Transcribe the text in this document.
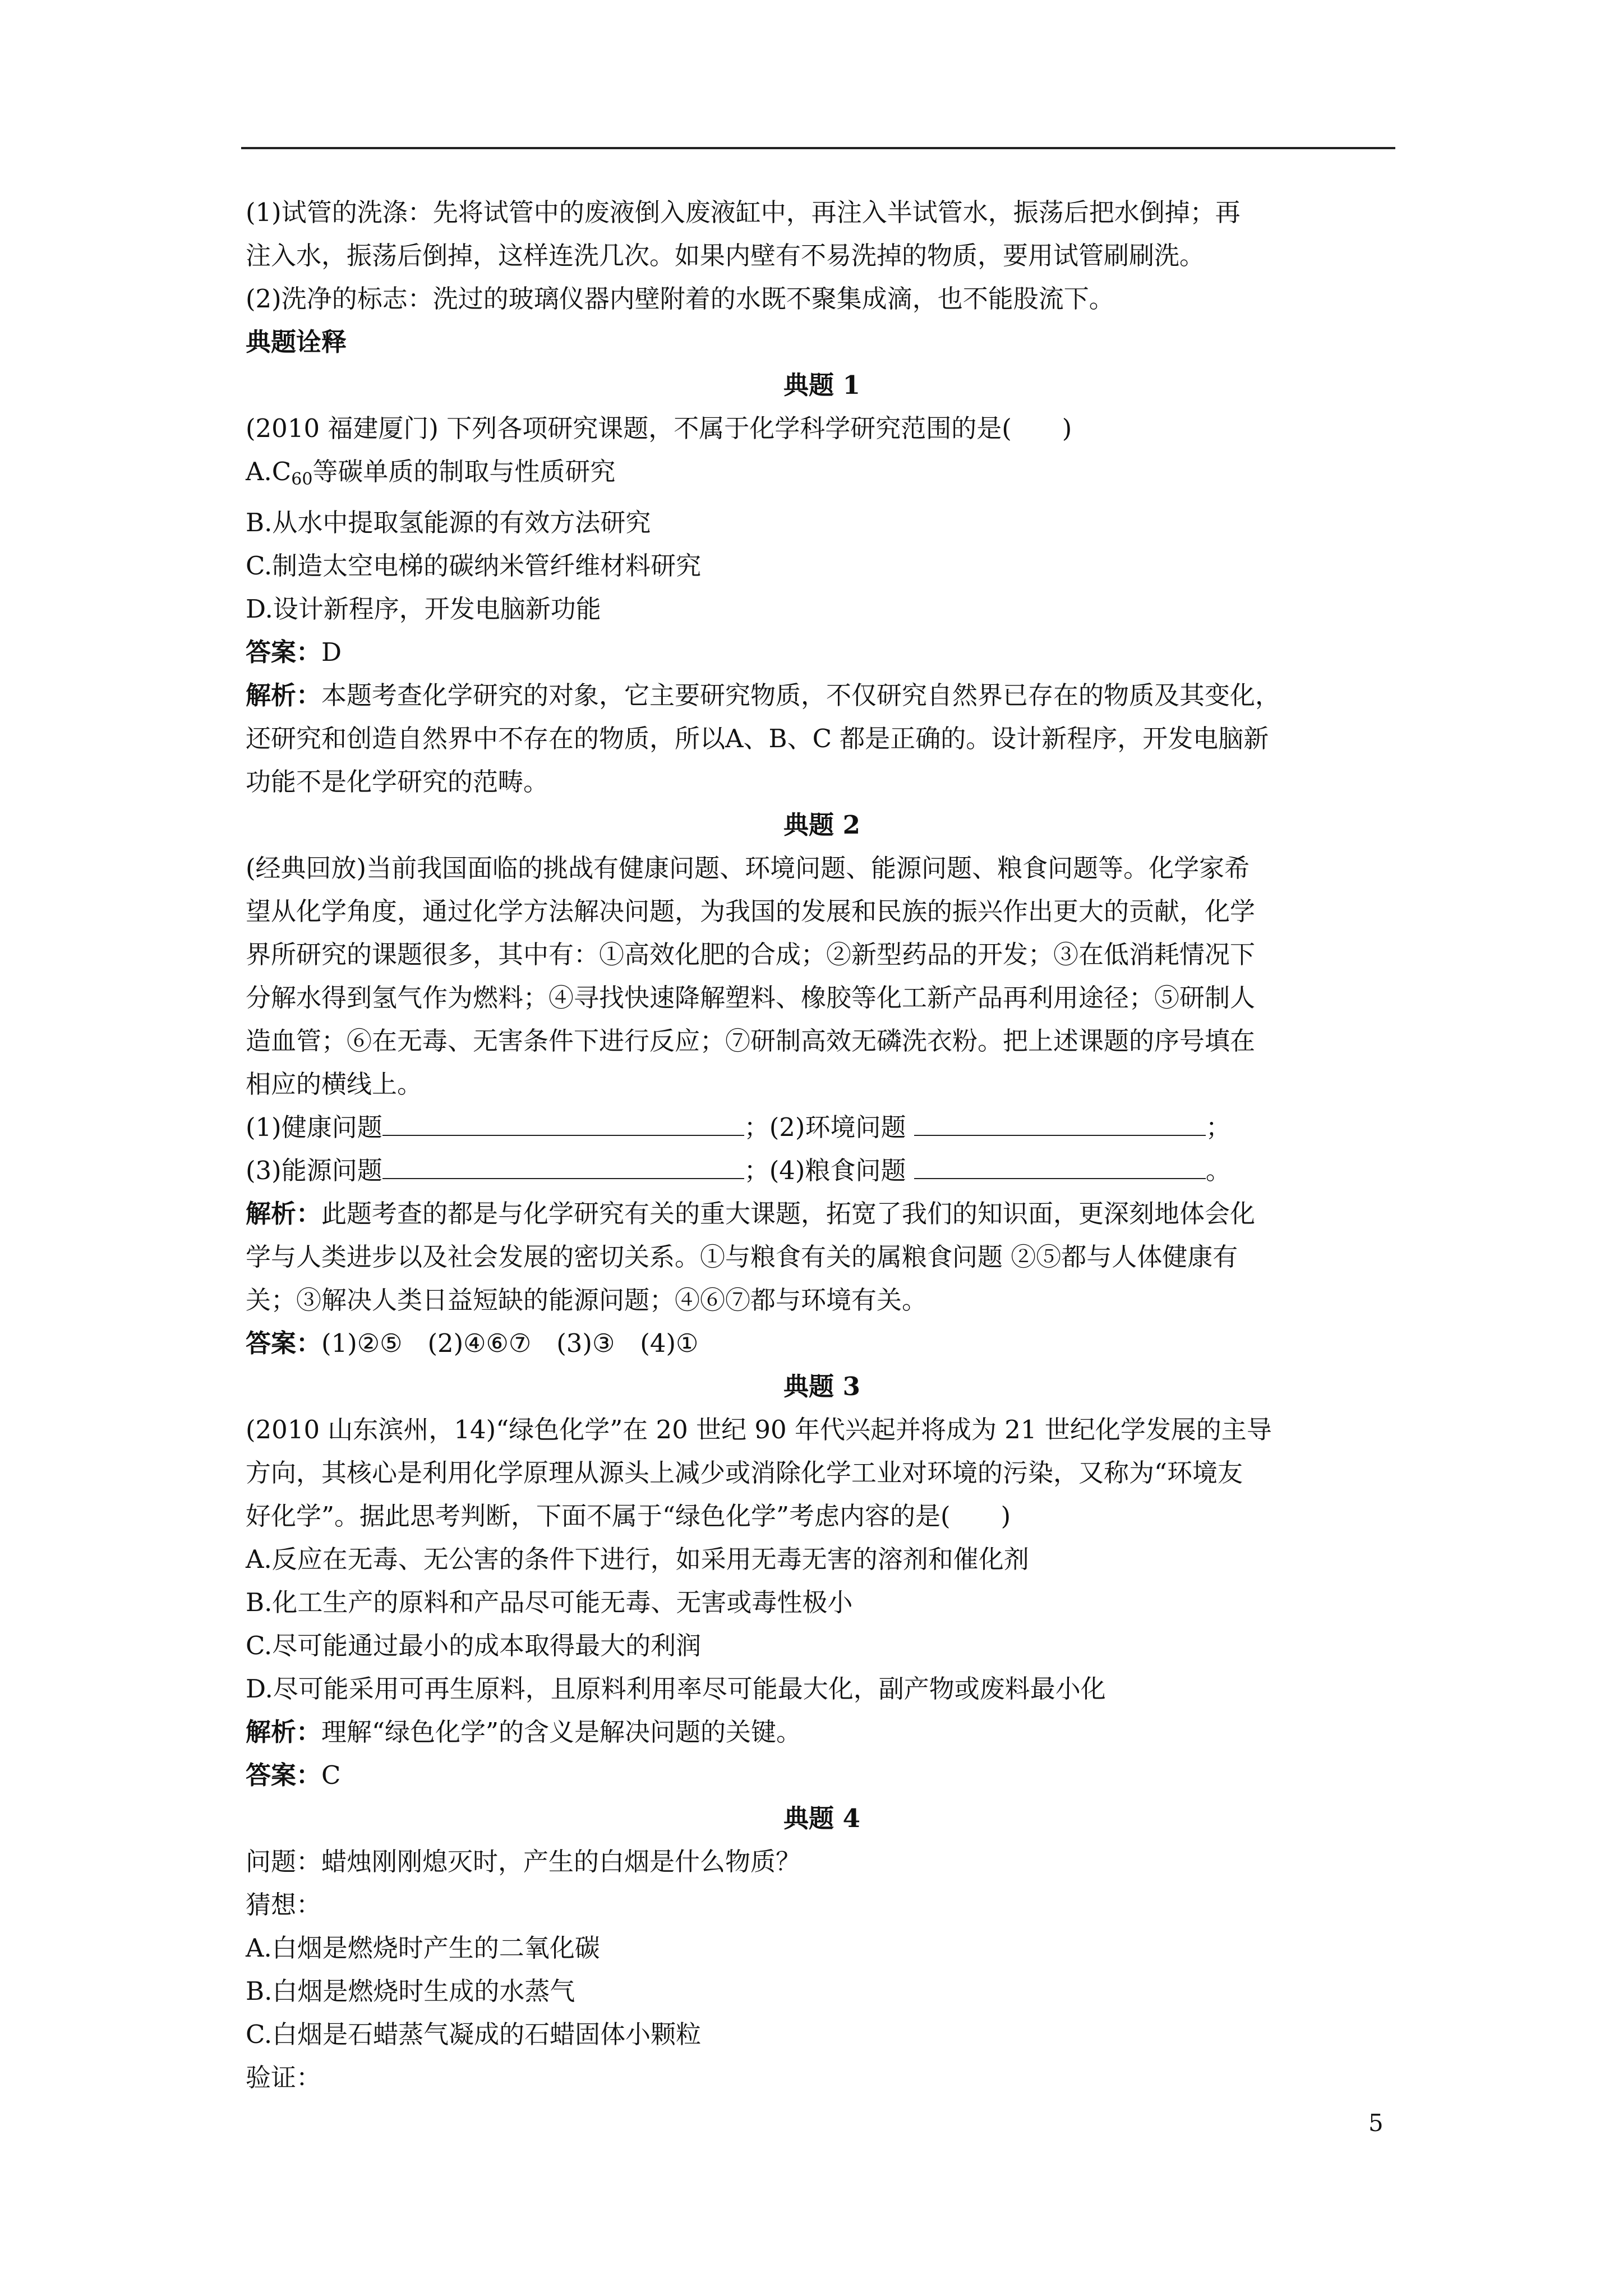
(1)试管的洗涤：先将试管中的废液倒入废液缸中，再注入半试管水，振荡后把水倒掉；再

注入水，振荡后倒掉，这样连洗几次。如果内壁有不易洗掉的物质，要用试管刷刷洗。

(2)洗净的标志：洗过的玻璃仪器内壁附着的水既不聚集成滴，也不能股流下。

典题诠释

典题 1

(2010 福建厦门) 下列各项研究课题，不属于化学科学研究范围的是(　　)

$A.C_{60}$等碳单质的制取与性质研究

B.从水中提取氢能源的有效方法研究

C.制造太空电梯的碳纳米管纤维材料研究

D.设计新程序，开发电脑新功能

答案：D

解析：本题考查化学研究的对象，它主要研究物质，不仅研究自然界已存在的物质及其变化，

还研究和创造自然界中不存在的物质，所以A、B、C 都是正确的。设计新程序，开发电脑新

功能不是化学研究的范畴。

典题 2

(经典回放)当前我国面临的挑战有健康问题、环境问题、能源问题、粮食问题等。化学家希

望从化学角度，通过化学方法解决问题，为我国的发展和民族的振兴作出更大的贡献，化学

界所研究的课题很多，其中有：①高效化肥的合成；②新型药品的开发；③在低消耗情况下

分解水得到氢气作为燃料；④寻找快速降解塑料、橡胶等化工新产品再利用途径；⑤研制人

造血管；⑥在无毒、无害条件下进行反应；⑦研制高效无磷洗衣粉。把上述课题的序号填在

相应的横线上。

(1)健康问题	；(2)环境问题	；

(3)能源问题	；(4)粮食问题	。

解析：此题考查的都是与化学研究有关的重大课题，拓宽了我们的知识面，更深刻地体会化

学与人类进步以及社会发展的密切关系。①与粮食有关的属粮食问题 ②⑤都与人体健康有

关；③解决人类日益短缺的能源问题；④⑥⑦都与环境有关。

答案：(1)②⑤　(2)④⑥⑦　(3)③　(4)①

典题 3

(2010 山东滨州，14)“绿色化学”在 20 世纪 90 年代兴起并将成为 21 世纪化学发展的主导

方向，其核心是利用化学原理从源头上减少或消除化学工业对环境的污染，又称为“环境友

好化学”。据此思考判断，下面不属于“绿色化学”考虑内容的是(　　)

A.反应在无毒、无公害的条件下进行，如采用无毒无害的溶剂和催化剂

B.化工生产的原料和产品尽可能无毒、无害或毒性极小

C.尽可能通过最小的成本取得最大的利润

D.尽可能采用可再生原料，且原料利用率尽可能最大化，副产物或废料最小化

解析：理解“绿色化学”的含义是解决问题的关键。

答案：C

典题 4

问题：蜡烛刚刚熄灭时，产生的白烟是什么物质？

猜想：

A.白烟是燃烧时产生的二氧化碳

B.白烟是燃烧时生成的水蒸气

C.白烟是石蜡蒸气凝成的石蜡固体小颗粒

验证：

5
